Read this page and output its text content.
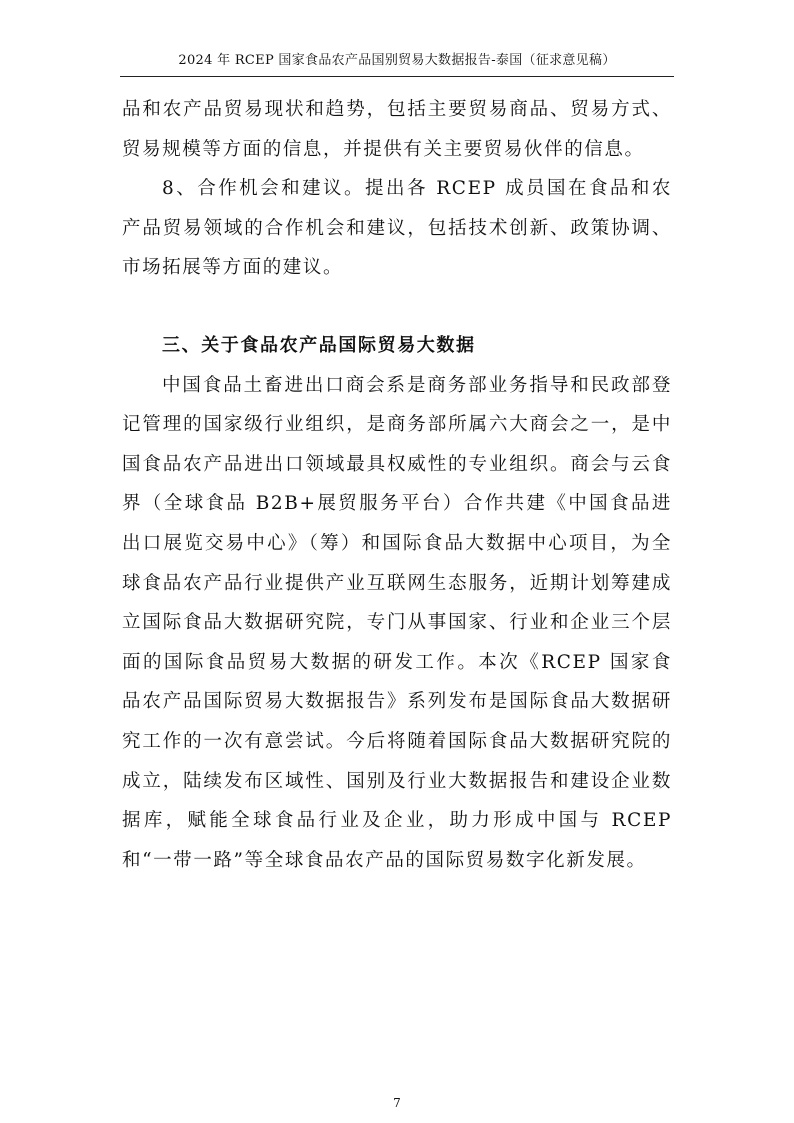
2024 年 RCEP 国家食品农产品国别贸易大数据报告-泰国（征求意见稿）

品和农产品贸易现状和趋势，包括主要贸易商品、贸易方式、贸易规模等方面的信息，并提供有关主要贸易伙伴的信息。

8、合作机会和建议。提出各 RCEP 成员国在食品和农产品贸易领域的合作机会和建议，包括技术创新、政策协调、市场拓展等方面的建议。

三、关于食品农产品国际贸易大数据

中国食品土畜进出口商会系是商务部业务指导和民政部登记管理的国家级行业组织，是商务部所属六大商会之一，是中国食品农产品进出口领域最具权威性的专业组织。商会与云食界（全球食品 B2B+展贸服务平台）合作共建《中国食品进出口展览交易中心》（筹）和国际食品大数据中心项目，为全球食品农产品行业提供产业互联网生态服务，近期计划筹建成立国际食品大数据研究院，专门从事国家、行业和企业三个层面的国际食品贸易大数据的研发工作。本次《RCEP 国家食品农产品国际贸易大数据报告》系列发布是国际食品大数据研究工作的一次有意尝试。今后将随着国际食品大数据研究院的成立，陆续发布区域性、国别及行业大数据报告和建设企业数据库，赋能全球食品行业及企业，助力形成中国与 RCEP 和“一带一路”等全球食品农产品的国际贸易数字化新发展。

7
